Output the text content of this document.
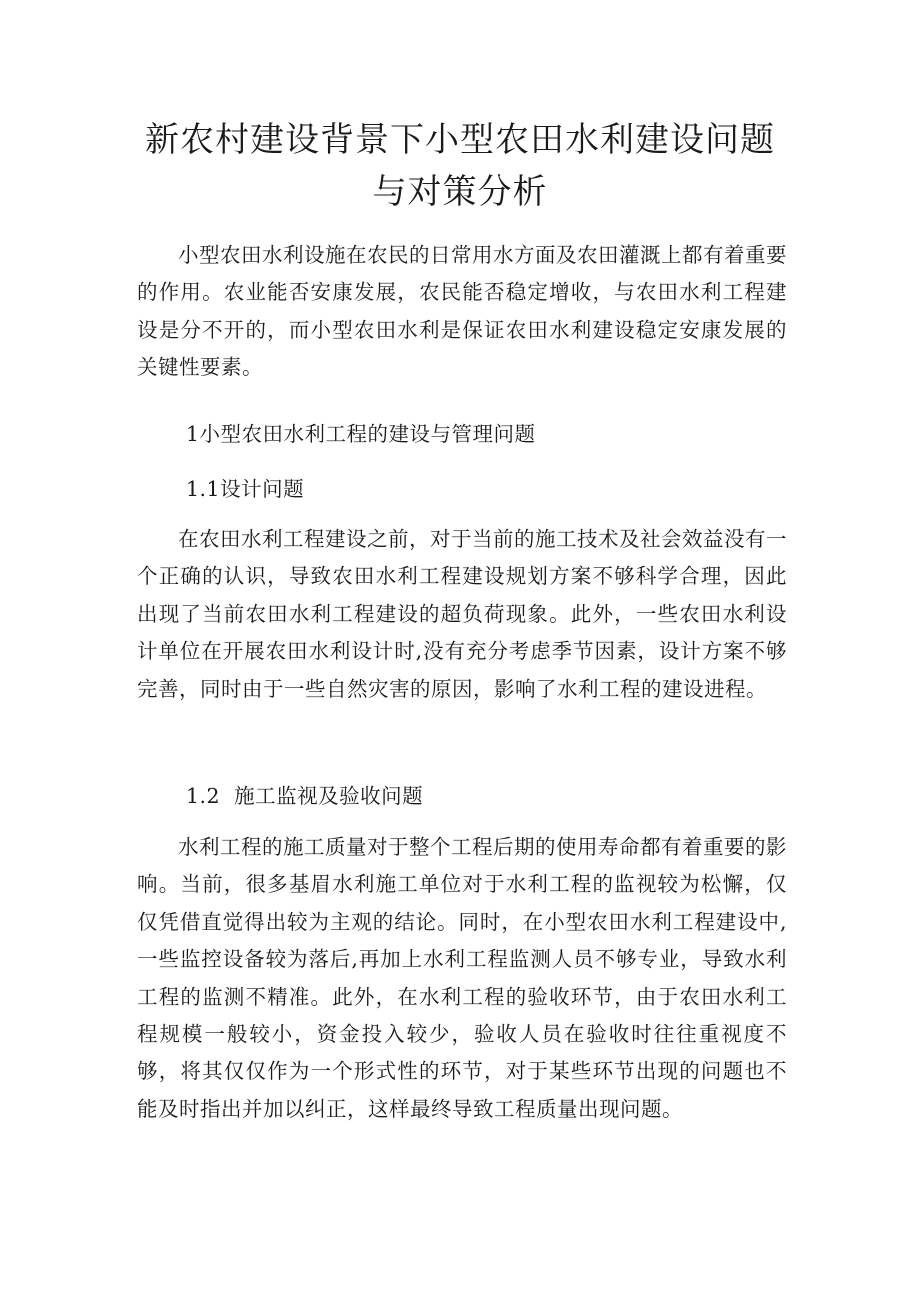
新农村建设背景下小型农田水利建设问题
与对策分析

小型农田水利设施在农民的日常用水方面及农田灌溉上都有着重要的作用。农业能否安康发展，农民能否稳定增收，与农田水利工程建设是分不开的，而小型农田水利是保证农田水利建设稳定安康发展的关键性要素。

1小型农田水利工程的建设与管理问题
1.1设计问题

在农田水利工程建设之前，对于当前的施工技术及社会效益没有一个正确的认识，导致农田水利工程建设规划方案不够科学合理，因此出现了当前农田水利工程建设的超负荷现象。此外，一些农田水利设计单位在开展农田水利设计时,没有充分考虑季节因素，设计方案不够完善，同时由于一些自然灾害的原因，影响了水利工程的建设进程。

1.2  施工监视及验收问题

水利工程的施工质量对于整个工程后期的使用寿命都有着重要的影响。当前，很多基眉水利施工单位对于水利工程的监视较为松懈，仅仅凭借直觉得出较为主观的结论。同时，在小型农田水利工程建设中,一些监控设备较为落后,再加上水利工程监测人员不够专业，导致水利工程的监测不精准。此外，在水利工程的验收环节，由于农田水利工程规模一般较小，资金投入较少，验收人员在验收时往往重视度不够，将其仅仅作为一个形式性的环节，对于某些环节出现的问题也不能及时指出并加以纠正，这样最终导致工程质量出现问题。
